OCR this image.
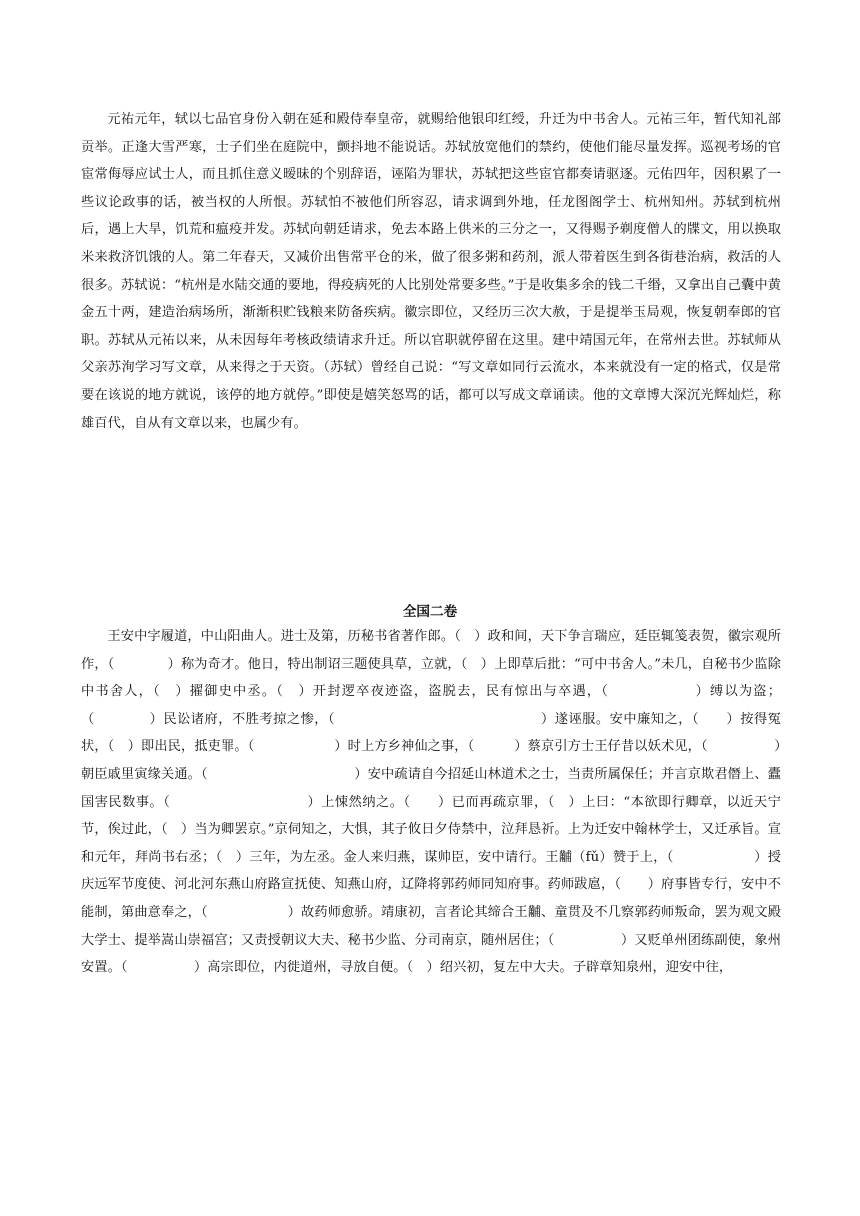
元祐元年，轼以七品官身份入朝在延和殿侍奉皇帝，就赐给他银印红绶，升迁为中书舍人。元祐三年，暂代知礼部贡举。正逢大雪严寒，士子们坐在庭院中，颤抖地不能说话。苏轼放宽他们的禁约，使他们能尽量发挥。巡视考场的官宦常侮辱应试士人，而且抓住意义暧昧的个别辞语，诬陷为罪状，苏轼把这些宦官都奏请驱逐。元佑四年，因积累了一些议论政事的话，被当权的人所恨。苏轼怕不被他们所容忍，请求调到外地，任龙图阁学士、杭州知州。苏轼到杭州后，遇上大旱，饥荒和瘟疫并发。苏轼向朝廷请求，免去本路上供米的三分之一，又得赐予剃度僧人的牒文，用以换取米来救济饥饿的人。第二年春天，又减价出售常平仓的米，做了很多粥和药剂，派人带着医生到各街巷治病，救活的人很多。苏轼说：“杭州是水陆交通的要地，得疫病死的人比别处常要多些。”于是收集多余的钱二千缗，又拿出自己囊中黄金五十两，建造治病场所，渐渐积贮钱粮来防备疾病。徽宗即位，又经历三次大赦，于是提举玉局观，恢复朝奉郎的官职。苏轼从元祐以来，从未因每年考核政绩请求升迁。所以官职就停留在这里。建中靖国元年，在常州去世。苏轼师从父亲苏洵学习写文章，从来得之于天资。（苏轼）曾经自己说：“写文章如同行云流水，本来就没有一定的格式，仅是常要在该说的地方就说，该停的地方就停。”即使是嬉笑怒骂的话，都可以写成文章诵读。他的文章博大深沉光辉灿烂，称雄百代，自从有文章以来，也属少有。

全国二卷

王安中字履道，中山阳曲人。进士及第，历秘书省著作郎。（　）政和间，天下争言瑞应，廷臣辄笺表贺，徽宗观所作，（　　　　）称为奇才。他日，特出制诏三题使具草，立就，（　）上即草后批：“可中书舍人。”未几，自秘书少监除中书舍人，（　）擢御史中丞。（　）开封逻卒夜迹盗，盗脱去，民有惊出与卒遇，（　　　　　　）缚以为盗；（　　　　）民讼诸府，不胜考掠之惨，（　　　　　　　　　　　　　　　）遂诬服。安中廉知之，（　　）按得冤状，（　）即出民，抵吏罪。（　　　　　　）时上方乡神仙之事，（　　　）蔡京引方士王仔昔以妖术见，（　　　　　）朝臣戚里寅缘关通。（　　　　　　　　　　　）安中疏请自今招延山林道术之士，当责所属保任；并言京欺君僭上、蠹国害民数事。（　　　　　　　　　　）上悚然纳之。（　　）已而再疏京罪，（　）上曰：“本欲即行卿章，以近天宁节，俟过此，（　）当为卿罢京。”京伺知之，大惧，其子攸日夕侍禁中，泣拜恳祈。上为迁安中翰林学士，又迁承旨。宣和元年，拜尚书右丞；（　）三年，为左丞。金人来归燕，谋帅臣，安中请行。王黼（fǔ）赞于上，（　　　　　　）授庆远军节度使、河北河东燕山府路宣抚使、知燕山府，辽降将郭药师同知府事。药师跋扈，（　　）府事皆专行，安中不能制，第曲意奉之，（　　　　　　）故药师愈骄。靖康初，言者论其缔合王黼、童贯及不几察郭药师叛命，罢为观文殿大学士、提举嵩山崇福宫；又责授朝议大夫、秘书少监、分司南京，随州居住；（　　　　　）又贬单州团练副使，象州安置。（　　　　　）高宗即位，内徙道州，寻放自便。（　）绍兴初，复左中大夫。子辟章知泉州，迎安中往，
